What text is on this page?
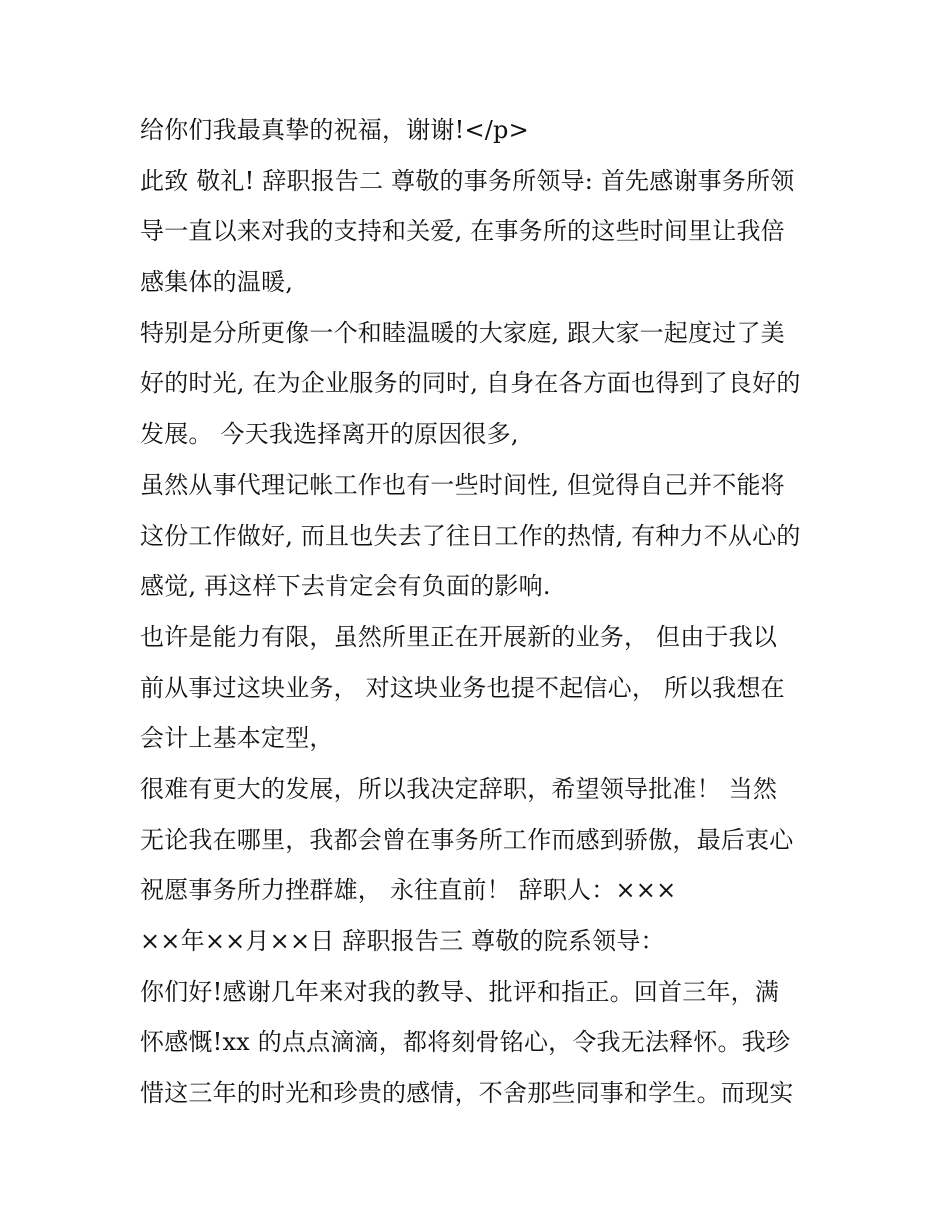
给你们我最真挚的祝福，谢谢!</p>
此致 敬礼! 辞职报告二 尊敬的事务所领导: 首先感谢事务所领
导一直以来对我的支持和关爱, 在事务所的这些时间里让我倍
感集体的温暖,
特别是分所更像一个和睦温暖的大家庭, 跟大家一起度过了美
好的时光, 在为企业服务的同时, 自身在各方面也得到了良好的
发展。 今天我选择离开的原因很多,
虽然从事代理记帐工作也有一些时间性, 但觉得自己并不能将
这份工作做好, 而且也失去了往日工作的热情, 有种力不从心的
感觉, 再这样下去肯定会有负面的影响.
也许是能力有限，虽然所里正在开展新的业务， 但由于我以
前从事过这块业务， 对这块业务也提不起信心， 所以我想在
会计上基本定型，
很难有更大的发展，所以我决定辞职，希望领导批准！ 当然
无论我在哪里，我都会曾在事务所工作而感到骄傲，最后衷心
祝愿事务所力挫群雄， 永往直前！ 辞职人：×××
××年××月××日 辞职报告三 尊敬的院系领导：
你们好!感谢几年来对我的教导、批评和指正。回首三年，满
怀感慨!xx 的点点滴滴，都将刻骨铭心，令我无法释怀。我珍
惜这三年的时光和珍贵的感情，不舍那些同事和学生。而现实
